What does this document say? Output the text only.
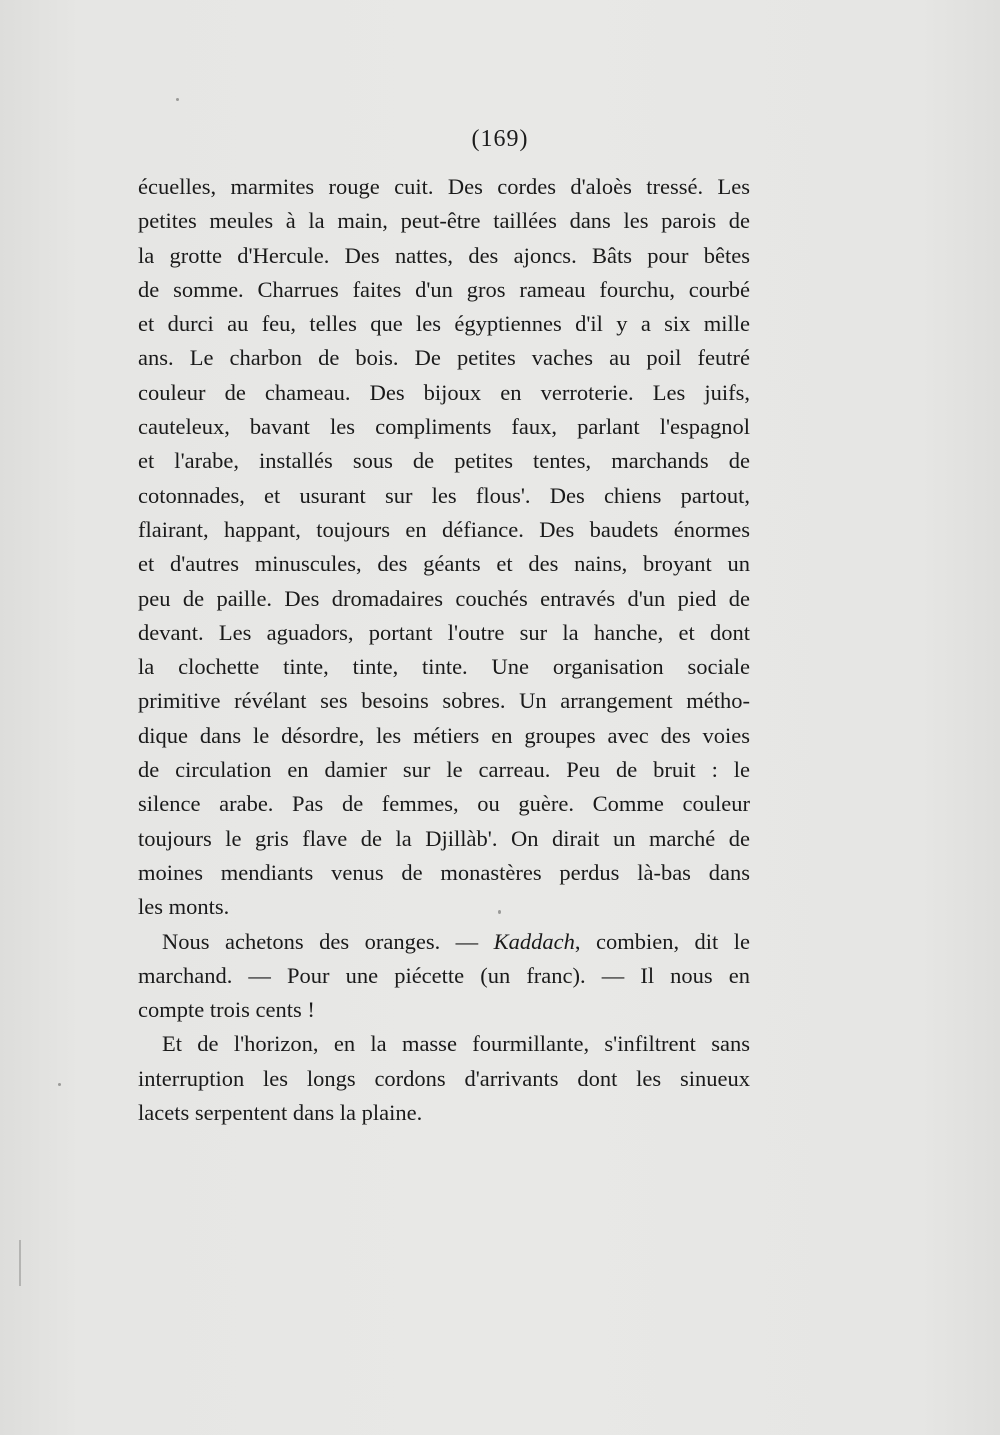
(169)
écuelles, marmites rouge cuit. Des cordes d'aloès tressé. Les
petites meules à la main, peut-être taillées dans les parois de
la grotte d'Hercule. Des nattes, des ajoncs. Bâts pour bêtes
de somme. Charrues faites d'un gros rameau fourchu, courbé
et durci au feu, telles que les égyptiennes d'il y a six mille
ans. Le charbon de bois. De petites vaches au poil feutré
couleur de chameau. Des bijoux en verroterie. Les juifs,
cauteleux, bavant les compliments faux, parlant l'espagnol
et l'arabe, installés sous de petites tentes, marchands de
cotonnades, et usurant sur les flous'. Des chiens partout,
flairant, happant, toujours en défiance. Des baudets énormes
et d'autres minuscules, des géants et des nains, broyant un
peu de paille. Des dromadaires couchés entravés d'un pied de
devant. Les aguadors, portant l'outre sur la hanche, et dont
la clochette tinte, tinte, tinte. Une organisation sociale
primitive révélant ses besoins sobres. Un arrangement métho-
dique dans le désordre, les métiers en groupes avec des voies
de circulation en damier sur le carreau. Peu de bruit : le
silence arabe. Pas de femmes, ou guère. Comme couleur
toujours le gris flave de la Djillàb'. On dirait un marché de
moines mendiants venus de monastères perdus là-bas dans
les monts.
Nous achetons des oranges. — Kaddach, combien, dit le
marchand. — Pour une piécette (un franc). — Il nous en
compte trois cents !
Et de l'horizon, en la masse fourmillante, s'infiltrent sans
interruption les longs cordons d'arrivants dont les sinueux
lacets serpentent dans la plaine.
